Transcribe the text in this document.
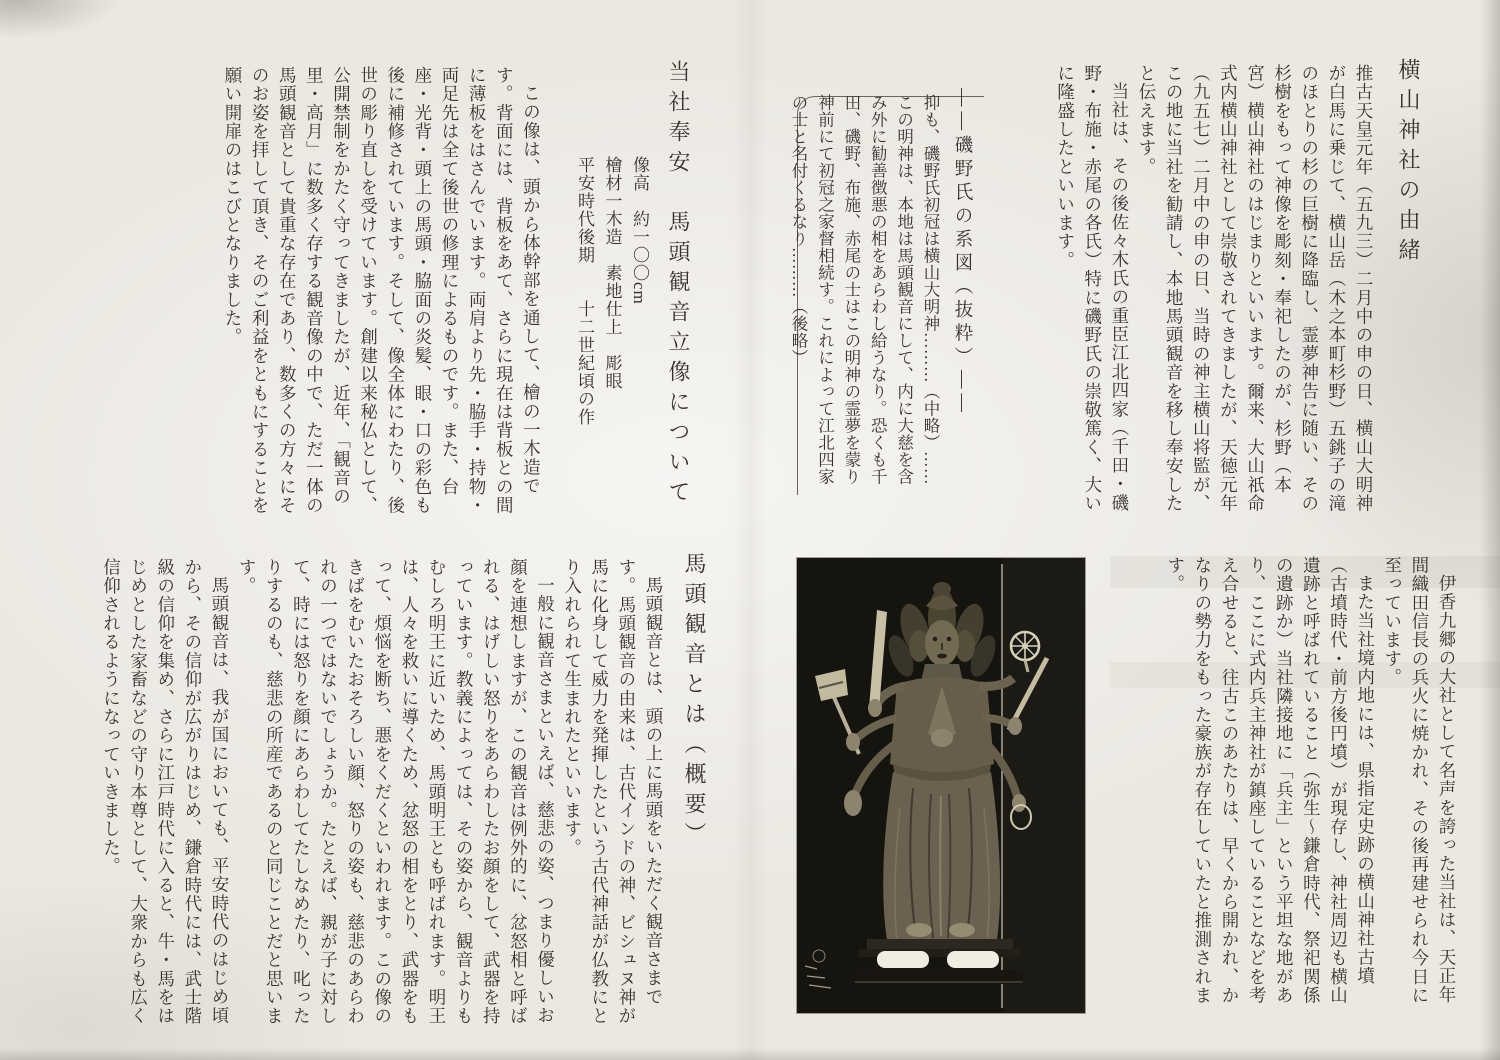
横山神社の由緒

推古天皇元年（五九三）二月中の申の日、横山大明神が白馬に乗じて、横山岳（木之本町杉野）五銚子の滝のほとりの杉の巨樹に降臨し、霊夢神告に随い、その杉樹をもって神像を彫刻・奉祀したのが、杉野（本宮）横山神社のはじまりといいます。爾来、大山祇命式内横山神社として崇敬されてきましたが、天徳元年（九五七）二月中の申の日、当時の神主横山将監が、この地に当社を勧請し、本地馬頭観音を移し奉安したと伝えます。

当社は、その後佐々木氏の重臣江北四家（千田・磯野・布施・赤尾の各氏）特に磯野氏の崇敬篤く、大いに隆盛したといいます。

――磯野氏の系図（抜粋）――

抑も、磯野氏初冠は横山大明神………（中略）……この明神は、本地は馬頭観音にして、内に大慈を含み外に勧善徴悪の相をあらわし給うなり。恐くも千田、磯野、布施、赤尾の士はこの明神の霊夢を蒙り神前にて初冠之家督相続す。これによって江北四家の士と名付くるなり………（後略）

当社奉安　馬頭観音立像について

像高　約一〇〇cm

檜材一木造　素地仕上　彫眼

平安時代後期　　十二世紀頃の作

この像は、頭から体幹部を通して、檜の一木造です。背面には、背板をあて、さらに現在は背板との間に薄板をはさんでいます。両肩より先・脇手・持物・両足先は全て後世の修理によるものです。また、台座・光背・頭上の馬頭・脇面の炎髪、眼・口の彩色も後に補修されています。そして、像全体にわたり、後世の彫り直しを受けています。創建以来秘仏として、公開禁制をかたく守ってきましたが、近年、「観音の里・高月」に数多く存する観音像の中で、ただ一体の馬頭観音として貴重な存在であり、数多くの方々にそのお姿を拝して頂き、そのご利益をともにすることを願い開扉のはこびとなりました。

伊香九郷の大社として名声を誇った当社は、天正年間織田信長の兵火に焼かれ、その後再建せられ今日に至っています。

また当社境内地には、県指定史跡の横山神社古墳（古墳時代・前方後円墳）が現存し、神社周辺も横山遺跡と呼ばれていること（弥生～鎌倉時代、祭祀関係の遺跡か）当社隣接地に「兵主」という平坦な地があり、ここに式内兵主神社が鎮座していることなどを考え合せると、往古このあたりは、早くから開かれ、かなりの勢力をもった豪族が存在していたと推測されます。

馬頭観音とは（概要）

馬頭観音とは、頭の上に馬頭をいただく観音さまです。馬頭観音の由来は、古代インドの神、ビシュヌ神が馬に化身して威力を発揮したという古代神話が仏教にとり入れられて生まれたといいます。

一般に観音さまといえば、慈悲の姿、つまり優しいお顔を連想しますが、この観音は例外的に、忿怒相と呼ばれる、はげしい怒りをあらわしたお顔をして、武器を持っています。教義によっては、その姿から、観音よりもむしろ明王に近いため、馬頭明王とも呼ばれます。明王は、人々を救いに導くため、忿怒の相をとり、武器をもって、煩悩を断ち、悪をくだくといわれます。この像のきばをむいたおそろしい顔、怒りの姿も、慈悲のあらわれの一つではないでしょうか。たとえば、親が子に対して、時には怒りを顔にあらわしてたしなめたり、叱ったりするのも、慈悲の所産であるのと同じことだと思います。

馬頭観音は、我が国においても、平安時代のはじめ頃から、その信仰が広がりはじめ、鎌倉時代には、武士階級の信仰を集め、さらに江戸時代に入ると、牛・馬をはじめとした家畜などの守り本尊として、大衆からも広く信仰されるようになっていきました。
